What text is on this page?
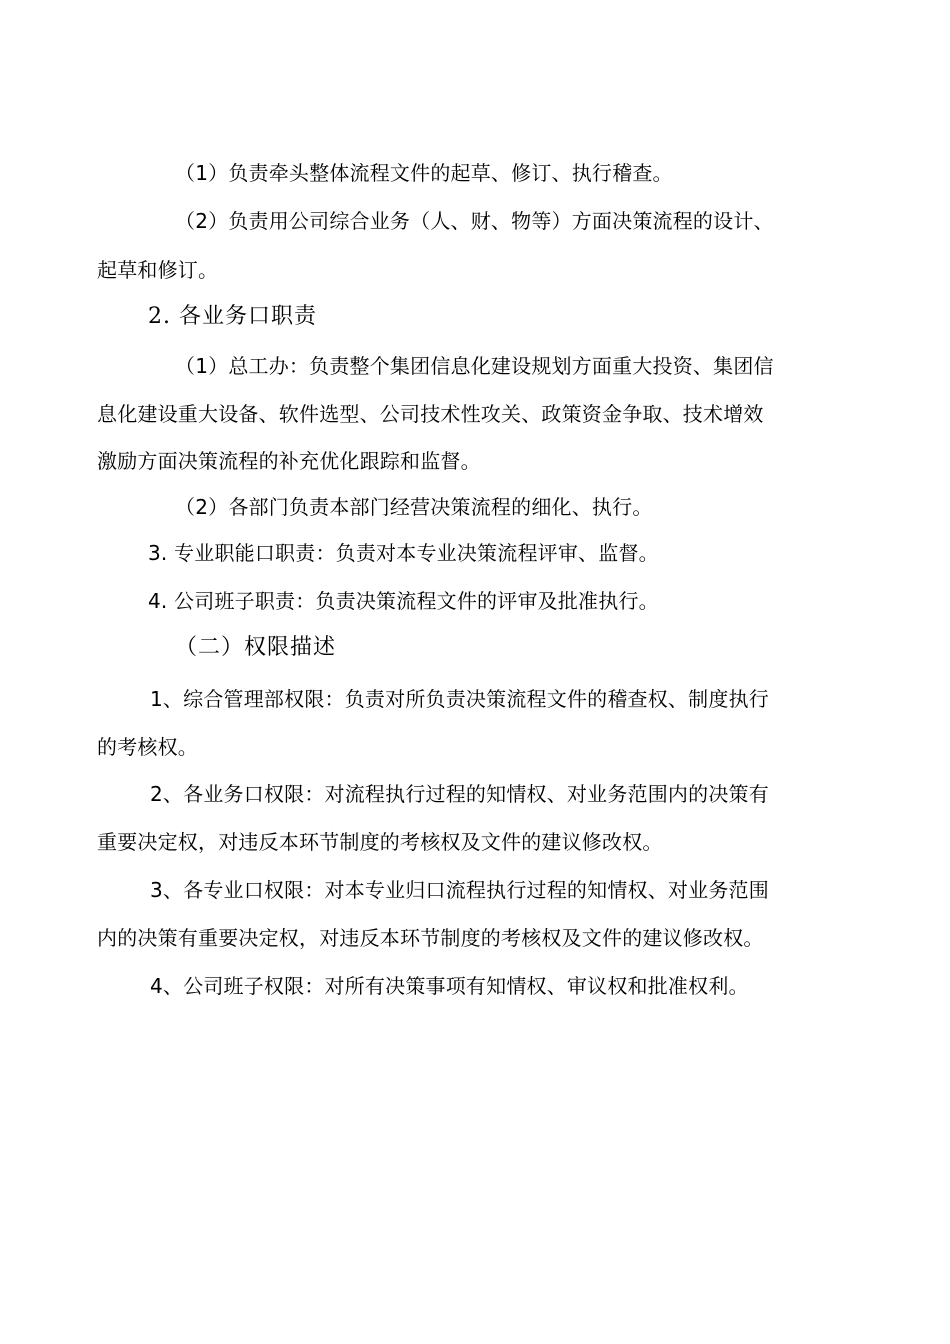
（1）负责牵头整体流程文件的起草、修订、执行稽查。
（2）负责用公司综合业务（人、财、物等）方面决策流程的设计、
起草和修订。
2. 各业务口职责
（1）总工办：负责整个集团信息化建设规划方面重大投资、集团信
息化建设重大设备、软件选型、公司技术性攻关、政策资金争取、技术增效
激励方面决策流程的补充优化跟踪和监督。
（2）各部门负责本部门经营决策流程的细化、执行。
3. 专业职能口职责：负责对本专业决策流程评审、监督。
4. 公司班子职责：负责决策流程文件的评审及批准执行。
（二）权限描述
1、综合管理部权限：负责对所负责决策流程文件的稽查权、制度执行
的考核权。
2、各业务口权限：对流程执行过程的知情权、对业务范围内的决策有
重要决定权，对违反本环节制度的考核权及文件的建议修改权。
3、各专业口权限：对本专业归口流程执行过程的知情权、对业务范围
内的决策有重要决定权，对违反本环节制度的考核权及文件的建议修改权。
4、公司班子权限：对所有决策事项有知情权、审议权和批准权利。
